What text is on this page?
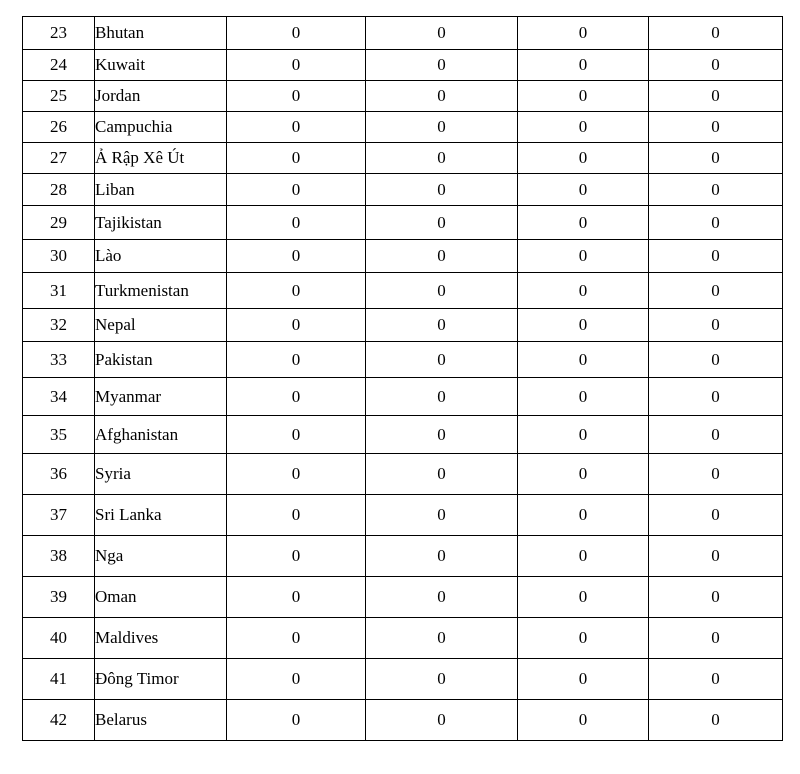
23	Bhutan	0	0	0	0
24	Kuwait	0	0	0	0
25	Jordan	0	0	0	0
26	Campuchia	0	0	0	0
27	Ả Rập Xê Út	0	0	0	0
28	Liban	0	0	0	0
29	Tajikistan	0	0	0	0
30	Lào	0	0	0	0
31	Turkmenistan	0	0	0	0
32	Nepal	0	0	0	0
33	Pakistan	0	0	0	0
34	Myanmar	0	0	0	0
35	Afghanistan	0	0	0	0
36	Syria	0	0	0	0
37	Sri Lanka	0	0	0	0
38	Nga	0	0	0	0
39	Oman	0	0	0	0
40	Maldives	0	0	0	0
41	Đông Timor	0	0	0	0
42	Belarus	0	0	0	0
